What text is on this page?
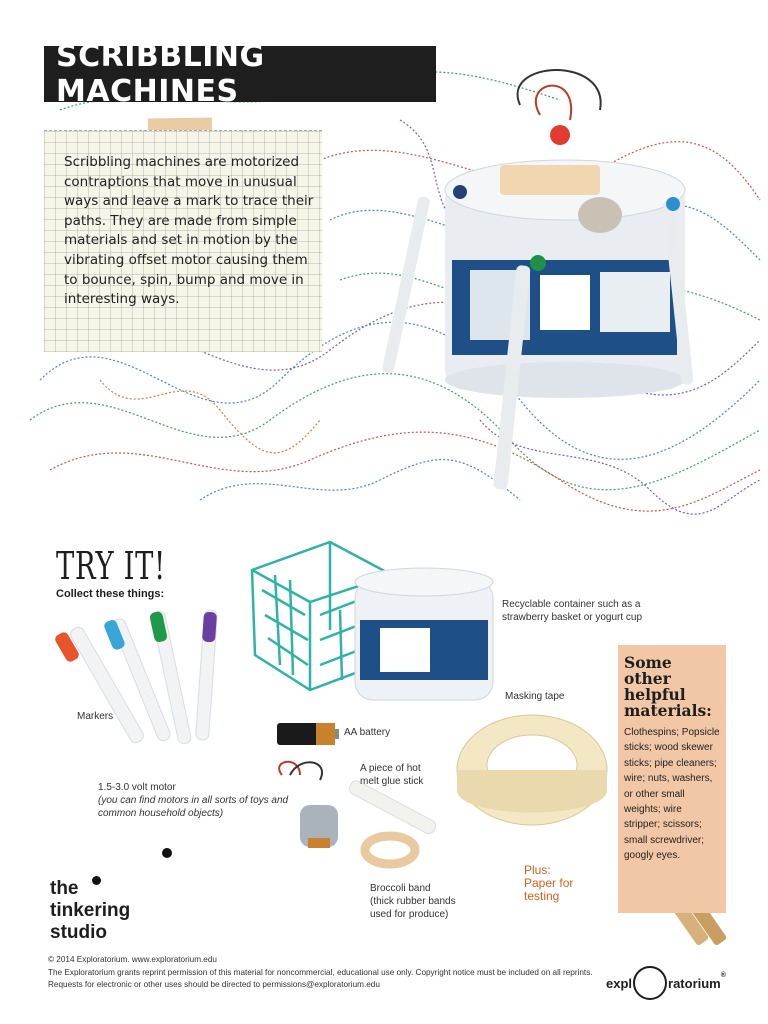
SCRIBBLING MACHINES

Scribbling machines are motorized contraptions that move in unusual ways and leave a mark to trace their paths. They are made from simple materials and set in motion by the vibrating offset motor causing them to bounce, spin, bump and move in interesting ways.

TRY IT!
Collect these things:
Recyclable container such as a strawberry basket or yogurt cup
Markers
AA battery
Masking tape
A piece of hot melt glue stick
1.5-3.0 volt motor
(you can find motors in all sorts of toys and common household objects)
Broccoli band
(thick rubber bands used for produce)
Plus:
Paper for testing
Some other helpful materials:

Clothespins; Popsicle sticks; wood skewer sticks; pipe cleaners; wire; nuts, washers, or other small weights; wire stripper; scissors; small screwdriver; googly eyes.

the
tinkering
studio
© 2014 Exploratorium. www.exploratorium.edu
The Exploratorium grants reprint permission of this material for noncommercial, educational use only. Copyright notice must be included on all reprints. Requests for electronic or other uses should be directed to permissions@exploratorium.edu	expl	ratorium ®
